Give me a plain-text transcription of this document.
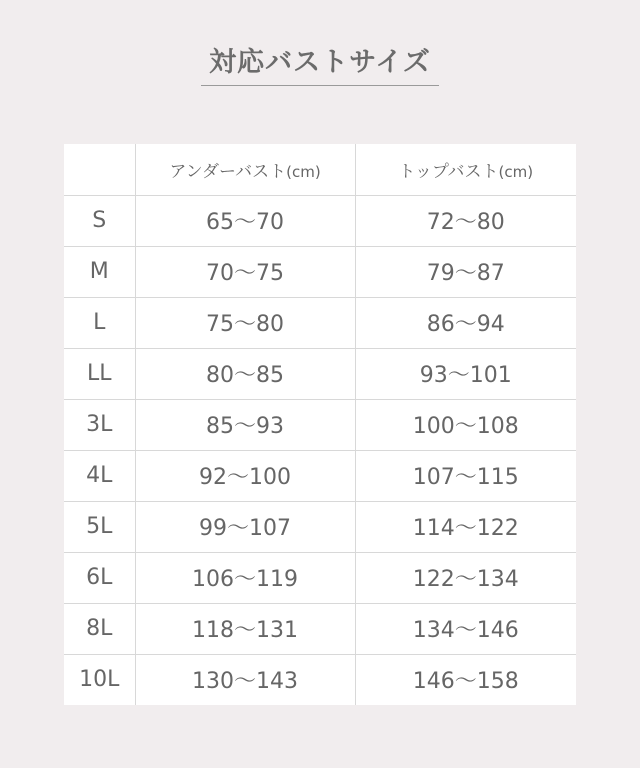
対応バストサイズ
	アンダーバスト(cm)	トップバスト(cm)
S	65〜70	72〜80
M	70〜75	79〜87
L	75〜80	86〜94
LL	80〜85	93〜101
3L	85〜93	100〜108
4L	92〜100	107〜115
5L	99〜107	114〜122
6L	106〜119	122〜134
8L	118〜131	134〜146
10L	130〜143	146〜158
